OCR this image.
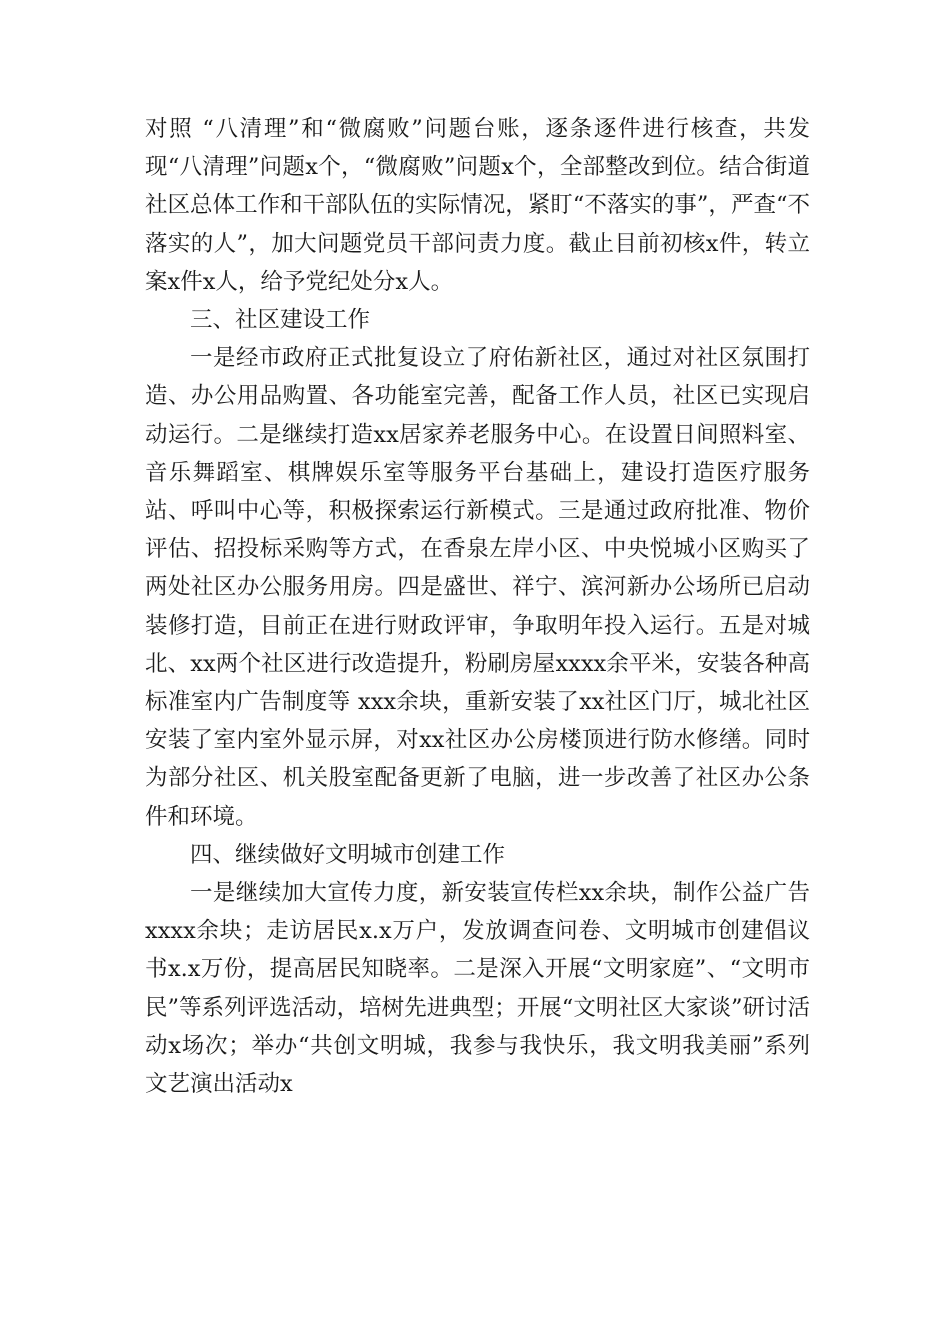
对照 “八清理”和“微腐败”问题台账，逐条逐件进行核查，共发现“八清理”问题x个，“微腐败”问题x个，全部整改到位。结合街道社区总体工作和干部队伍的实际情况，紧盯“不落实的事”，严查“不落实的人”，加大问题党员干部问责力度。截止目前初核x件，转立案x件x人，给予党纪处分x人。

三、社区建设工作

一是经市政府正式批复设立了府佑新社区，通过对社区氛围打造、办公用品购置、各功能室完善，配备工作人员，社区已实现启动运行。二是继续打造xx居家养老服务中心。在设置日间照料室、音乐舞蹈室、棋牌娱乐室等服务平台基础上，建设打造医疗服务站、呼叫中心等，积极探索运行新模式。三是通过政府批准、物价评估、招投标采购等方式，在香泉左岸小区、中央悦城小区购买了两处社区办公服务用房。四是盛世、祥宁、滨河新办公场所已启动装修打造，目前正在进行财政评审，争取明年投入运行。五是对城北、xx两个社区进行改造提升，粉刷房屋xxxx余平米，安装各种高标准室内广告制度等 xxx余块，重新安装了xx社区门厅，城北社区安装了室内室外显示屏，对xx社区办公房楼顶进行防水修缮。同时为部分社区、机关股室配备更新了电脑，进一步改善了社区办公条件和环境。

四、继续做好文明城市创建工作

一是继续加大宣传力度，新安装宣传栏xx余块，制作公益广告xxxx余块；走访居民x.x万户，发放调查问卷、文明城市创建倡议书x.x万份，提高居民知晓率。二是深入开展“文明家庭”、“文明市民”等系列评选活动，培树先进典型；开展“文明社区大家谈”研讨活动x场次；举办“共创文明城，我参与我快乐，我文明我美丽”系列文艺演出活动x
